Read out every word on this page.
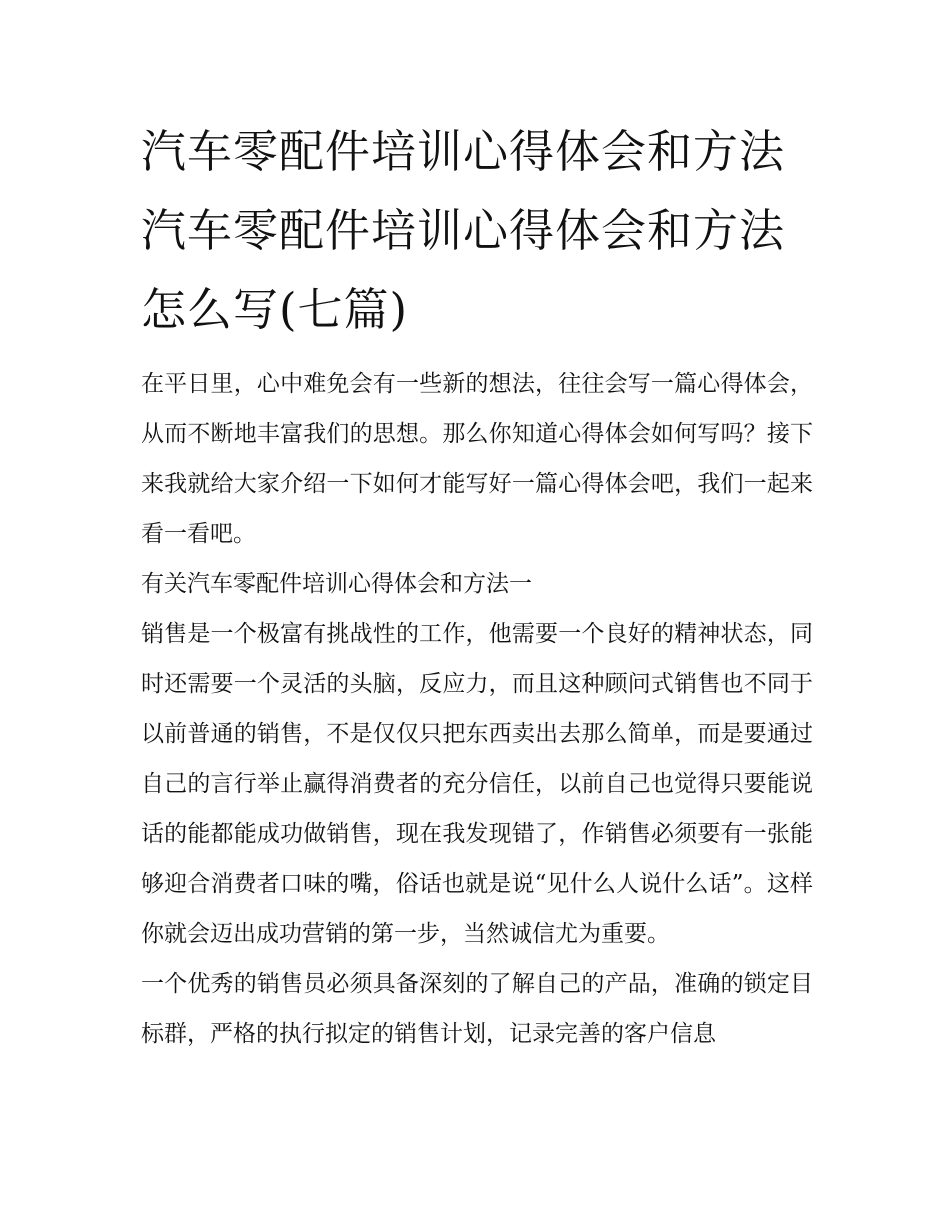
汽车零配件培训心得体会和方法 汽车零配件培训心得体会和方法怎么写(七篇)

在平日里，心中难免会有一些新的想法，往往会写一篇心得体会，从而不断地丰富我们的思想。那么你知道心得体会如何写吗？接下来我就给大家介绍一下如何才能写好一篇心得体会吧，我们一起来看一看吧。

有关汽车零配件培训心得体会和方法一

销售是一个极富有挑战性的工作，他需要一个良好的精神状态，同时还需要一个灵活的头脑，反应力，而且这种顾问式销售也不同于以前普通的销售，不是仅仅只把东西卖出去那么简单，而是要通过自己的言行举止赢得消费者的充分信任，以前自己也觉得只要能说话的能都能成功做销售，现在我发现错了，作销售必须要有一张能够迎合消费者口味的嘴，俗话也就是说“见什么人说什么话”。这样你就会迈出成功营销的第一步，当然诚信尤为重要。

一个优秀的销售员必须具备深刻的了解自己的产品，准确的锁定目标群，严格的执行拟定的销售计划，记录完善的客户信息
